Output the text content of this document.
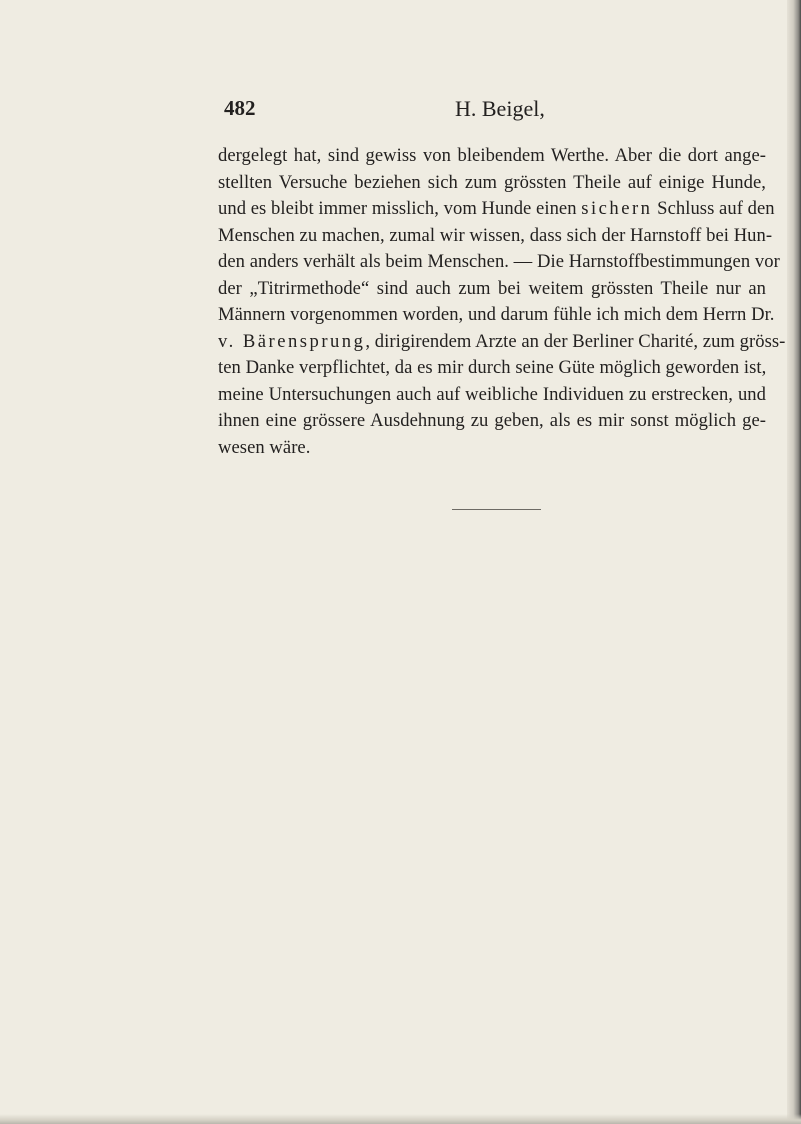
482	H. Beigel,

dergelegt hat, sind gewiss von bleibendem Werthe. Aber die dort ange-
stellten Versuche beziehen sich zum grössten Theile auf einige Hunde,
und es bleibt immer misslich, vom Hunde einen sichern Schluss auf den
Menschen zu machen, zumal wir wissen, dass sich der Harnstoff bei Hun-
den anders verhält als beim Menschen. — Die Harnstoffbestimmungen vor
der „Titrirmethode“ sind auch zum bei weitem grössten Theile nur an
Männern vorgenommen worden, und darum fühle ich mich dem Herrn Dr.
v. Bärensprung, dirigirendem Arzte an der Berliner Charité, zum gröss-
ten Danke verpflichtet, da es mir durch seine Güte möglich geworden ist,
meine Untersuchungen auch auf weibliche Individuen zu erstrecken, und
ihnen eine grössere Ausdehnung zu geben, als es mir sonst möglich ge-
wesen wäre.
